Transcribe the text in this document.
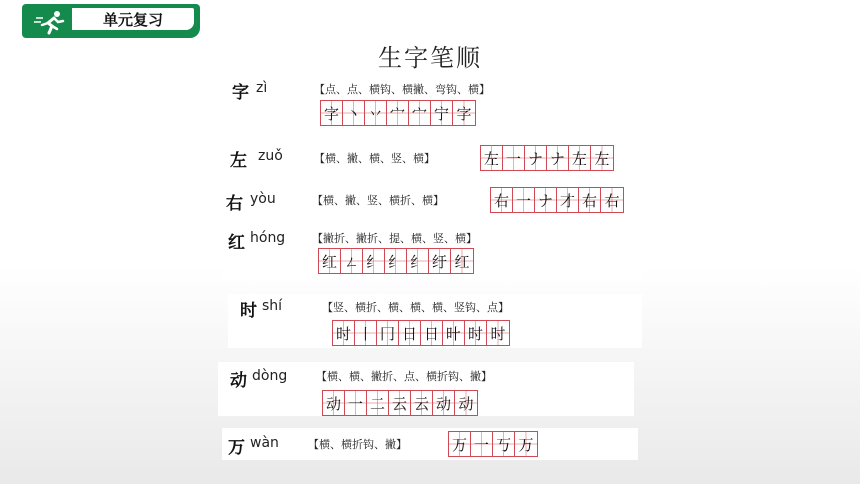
单元复习
生字笔顺
字 zì	【点、点、横钩、横撇、弯钩、横】
字 丶 丷 宀 宀 宁 字
左 zuǒ	【横、撇、横、竖、横】	左 一 ナ ナ 左 左
右 yòu	【横、撇、竖、横折、横】	右 一 ナ 才 右 右
红 hóng 【撇折、撇折、提、横、竖、横】
红 ㄥ 纟 纟 纟 纡 红
时 shí	【竖、横折、横、横、横、竖钩、点】
时 丨 冂 日 日 旪 时 时
动 dòng	【横、横、撇折、点、横折钩、撇】
动 一 二 云 云 动 动
万 wàn	【横、横折钩、撇】	万 一 丂 万
